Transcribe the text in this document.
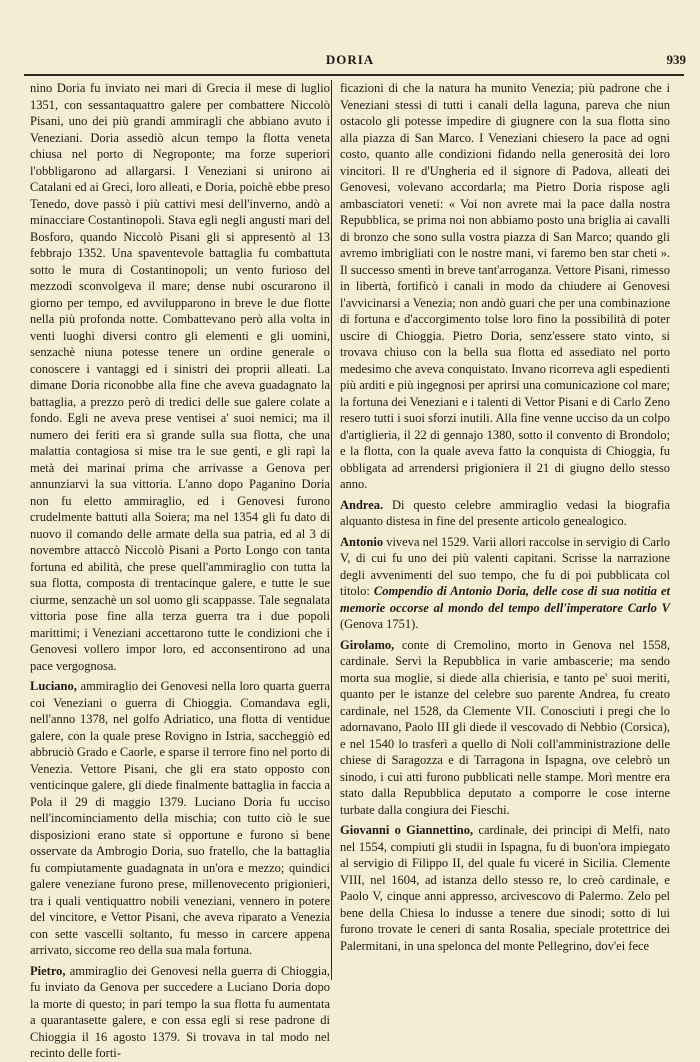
DORIA	939

nino Doria fu inviato nei mari di Grecia il mese di luglio 1351, con sessantaquattro galere per combattere Niccolò Pisani, uno dei più grandi ammiragli che abbiano avuto i Veneziani. Doria assediò alcun tempo la flotta veneta chiusa nel porto di Negroponte; ma forze superiori l'obbligarono ad allargarsi. I Veneziani si unirono ai Catalani ed ai Greci, loro alleati, e Doria, poichè ebbe preso Tenedo, dove passò i più cattivi mesi dell'inverno, andò a minacciare Costantinopoli. Stava egli negli angusti mari del Bosforo, quando Niccolò Pisani gli si appresentò al 13 febbrajo 1352. Una spaventevole battaglia fu combattuta sotto le mura di Costantinopoli; un vento furioso del mezzodì sconvolgeva il mare; dense nubi oscurarono il giorno per tempo, ed avvilupparono in breve le due flotte nella più profonda notte. Combattevano però alla volta in venti luoghi diversi contro gli elementi e gli uomini, senzachè niuna potesse tenere un ordine generale o conoscere i vantaggi ed i sinistri dei proprii alleati. La dimane Doria riconobbe alla fine che aveva guadagnato la battaglia, a prezzo però di tredici delle sue galere colate a fondo. Egli ne aveva prese ventisei a' suoi nemici; ma il numero dei feriti era sì grande sulla sua flotta, che una malattia contagiosa si mise tra le sue genti, e gli rapì la metà dei marinai prima che arrivasse a Genova per annunziarvi la sua vittoria. L'anno dopo Paganino Doria non fu eletto ammiraglio, ed i Genovesi furono crudelmente battuti alla Soiera; ma nel 1354 gli fu dato di nuovo il comando delle armate della sua patria, ed al 3 di novembre attaccò Niccolò Pisani a Porto Longo con tanta fortuna ed abilità, che prese quell'ammiraglio con tutta la sua flotta, composta di trentacinque galere, e tutte le sue ciurme, senzachè un sol uomo gli scappasse. Tale segnalata vittoria pose fine alla terza guerra tra i due popoli marittimi; i Veneziani accettarono tutte le condizioni che i Genovesi vollero impor loro, ed acconsentirono ad una pace vergognosa.

Luciano, ammiraglio dei Genovesi nella loro quarta guerra coi Veneziani o guerra di Chioggia. Comandava egli, nell'anno 1378, nel golfo Adriatico, una flotta di ventidue galere, con la quale prese Rovigno in Istria, saccheggiò ed abbruciò Grado e Caorle, e sparse il terrore fino nel porto di Venezia. Vettore Pisani, che gli era stato opposto con venticinque galere, gli diede finalmente battaglia in faccia a Pola il 29 di maggio 1379. Luciano Doria fu ucciso nell'incominciamento della mischia; con tutto ciò le sue disposizioni erano state sì opportune e furono sì bene osservate da Ambrogio Doria, suo fratello, che la battaglia fu compiutamente guadagnata in un'ora e mezzo; quindici galere veneziane furono prese, millenovecento prigionieri, tra i quali ventiquattro nobili veneziani, vennero in potere del vincitore, e Vettor Pisani, che aveva riparato a Venezia con sette vascelli soltanto, fu messo in carcere appena arrivato, siccome reo della sua mala fortuna.

Pietro, ammiraglio dei Genovesi nella guerra di Chioggia, fu inviato da Genova per succedere a Luciano Doria dopo la morte di questo; in pari tempo la sua flotta fu aumentata a quarantasette galere, e con essa egli si rese padrone di Chioggia il 16 agosto 1379. Si trovava in tal modo nel recinto delle forti-

ficazioni di che la natura ha munito Venezia; più padrone che i Veneziani stessi di tutti i canali della laguna, pareva che niun ostacolo gli potesse impedire di giugnere con la sua flotta sino alla piazza di San Marco. I Veneziani chiesero la pace ad ogni costo, quanto alle condizioni fidando nella generosità dei loro vincitori. Il re d'Ungheria ed il signore di Padova, alleati dei Genovesi, volevano accordarla; ma Pietro Doria rispose agli ambasciatori veneti: « Voi non avrete mai la pace dalla nostra Repubblica, se prima noi non abbiamo posto una briglia ai cavalli di bronzo che sono sulla vostra piazza di San Marco; quando gli avremo imbrigliati con le nostre mani, vi faremo ben star cheti ». Il successo smentì in breve tant'arroganza. Vettore Pisani, rimesso in libertà, fortificò i canali in modo da chiudere ai Genovesi l'avvicinarsi a Venezia; non andò guari che per una combinazione di fortuna e d'accorgimento tolse loro fino la possibilità di poter uscire di Chioggia. Pietro Doria, senz'essere stato vinto, si trovava chiuso con la bella sua flotta ed assediato nel porto medesimo che aveva conquistato. Invano ricorreva agli espedienti più arditi e più ingegnosi per aprirsi una comunicazione col mare; la fortuna dei Veneziani e i talenti di Vettor Pisani e di Carlo Zeno resero tutti i suoi sforzi inutili. Alla fine venne ucciso da un colpo d'artiglieria, il 22 di gennajo 1380, sotto il convento di Brondolo; e la flotta, con la quale aveva fatto la conquista di Chioggia, fu obbligata ad arrendersi prigioniera il 21 di giugno dello stesso anno.

Andrea. Di questo celebre ammiraglio vedasi la biografia alquanto distesa in fine del presente articolo genealogico.

Antonio viveva nel 1529. Varii allori raccolse in servigio di Carlo V, di cui fu uno dei più valenti capitani. Scrisse la narrazione degli avvenimenti del suo tempo, che fu di poi pubblicata col titolo: Compendio di Antonio Doria, delle cose di sua notitia et memorie occorse al mondo del tempo dell'imperatore Carlo V (Genova 1751).

Girolamo, conte di Cremolino, morto in Genova nel 1558, cardinale. Servì la Repubblica in varie ambascerie; ma sendo morta sua moglie, si diede alla chierisia, e tanto pe' suoi meriti, quanto per le istanze del celebre suo parente Andrea, fu creato cardinale, nel 1528, da Clemente VII. Conosciuti i pregi che lo adornavano, Paolo III gli diede il vescovado di Nebbio (Corsica), e nel 1540 lo trasferì a quello di Noli coll'amministrazione delle chiese di Saragozza e di Tarragona in Ispagna, ove celebrò un sinodo, i cui atti furono pubblicati nelle stampe. Morì mentre era stato dalla Repubblica deputato a comporre le cose interne turbate dalla congiura dei Fieschi.

Giovanni o Giannettino, cardinale, dei principi di Melfi, nato nel 1554, compiuti gli studii in Ispagna, fu di buon'ora impiegato al servigio di Filippo II, del quale fu viceré in Sicilia. Clemente VIII, nel 1604, ad istanza dello stesso re, lo creò cardinale, e Paolo V, cinque anni appresso, arcivescovo di Palermo. Zelo pel bene della Chiesa lo indusse a tenere due sinodi; sotto di lui furono trovate le ceneri di santa Rosalia, speciale protettrice dei Palermitani, in una spelonca del monte Pellegrino, dov'ei fece
